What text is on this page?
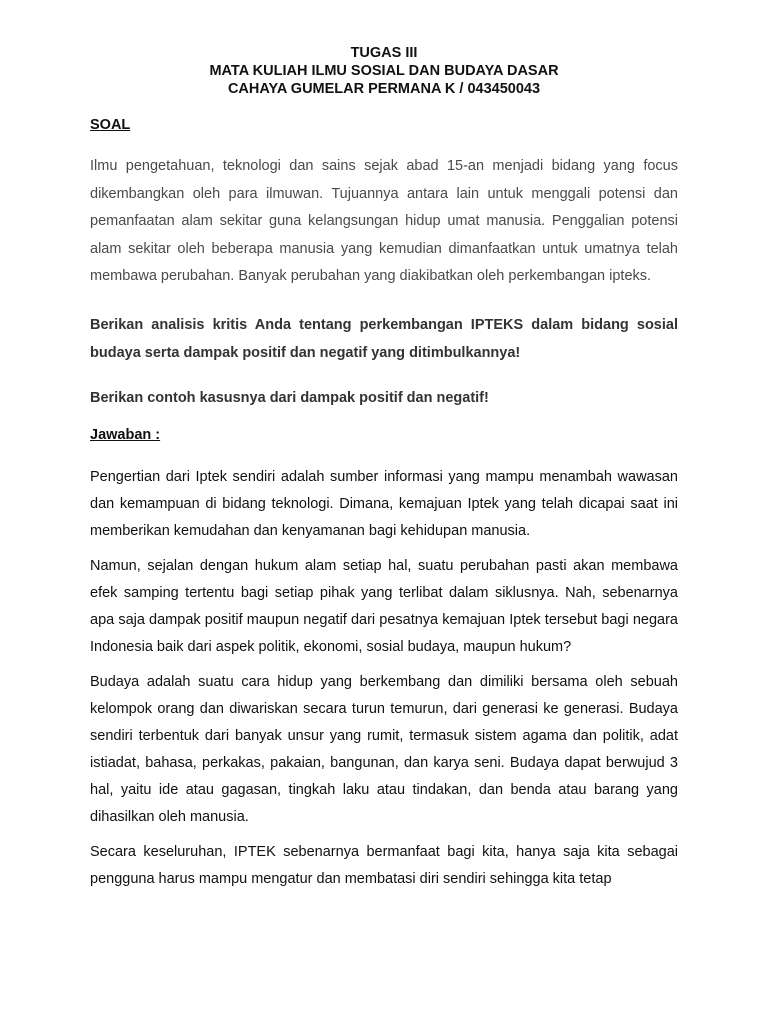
TUGAS III
MATA KULIAH ILMU SOSIAL DAN BUDAYA DASAR
CAHAYA GUMELAR PERMANA K / 043450043
SOAL

Ilmu pengetahuan, teknologi dan sains sejak abad 15-an menjadi bidang yang focus dikembangkan oleh para ilmuwan. Tujuannya antara lain untuk menggali potensi dan pemanfaatan alam sekitar guna kelangsungan hidup umat manusia. Penggalian potensi alam sekitar oleh beberapa manusia yang kemudian dimanfaatkan untuk umatnya telah membawa perubahan. Banyak perubahan yang diakibatkan oleh perkembangan ipteks.

Berikan analisis kritis Anda tentang perkembangan IPTEKS dalam bidang sosial budaya serta dampak positif dan negatif yang ditimbulkannya!

Berikan contoh kasusnya dari dampak positif dan negatif!

Jawaban :

Pengertian dari Iptek sendiri adalah sumber informasi yang mampu menambah wawasan dan kemampuan di bidang teknologi. Dimana, kemajuan Iptek yang telah dicapai saat ini memberikan kemudahan dan kenyamanan bagi kehidupan manusia.

Namun, sejalan dengan hukum alam setiap hal, suatu perubahan pasti akan membawa efek samping tertentu bagi setiap pihak yang terlibat dalam siklusnya. Nah, sebenarnya apa saja dampak positif maupun negatif dari pesatnya kemajuan Iptek tersebut bagi negara Indonesia baik dari aspek politik, ekonomi, sosial budaya, maupun hukum?

Budaya adalah suatu cara hidup yang berkembang dan dimiliki bersama oleh sebuah kelompok orang dan diwariskan secara turun temurun, dari generasi ke generasi. Budaya sendiri terbentuk dari banyak unsur yang rumit, termasuk sistem agama dan politik, adat istiadat, bahasa, perkakas, pakaian, bangunan, dan karya seni. Budaya dapat berwujud 3 hal, yaitu ide atau gagasan, tingkah laku atau tindakan, dan benda atau barang yang dihasilkan oleh manusia.

Secara keseluruhan, IPTEK sebenarnya bermanfaat bagi kita, hanya saja kita sebagai pengguna harus mampu mengatur dan membatasi diri sendiri sehingga kita tetap
